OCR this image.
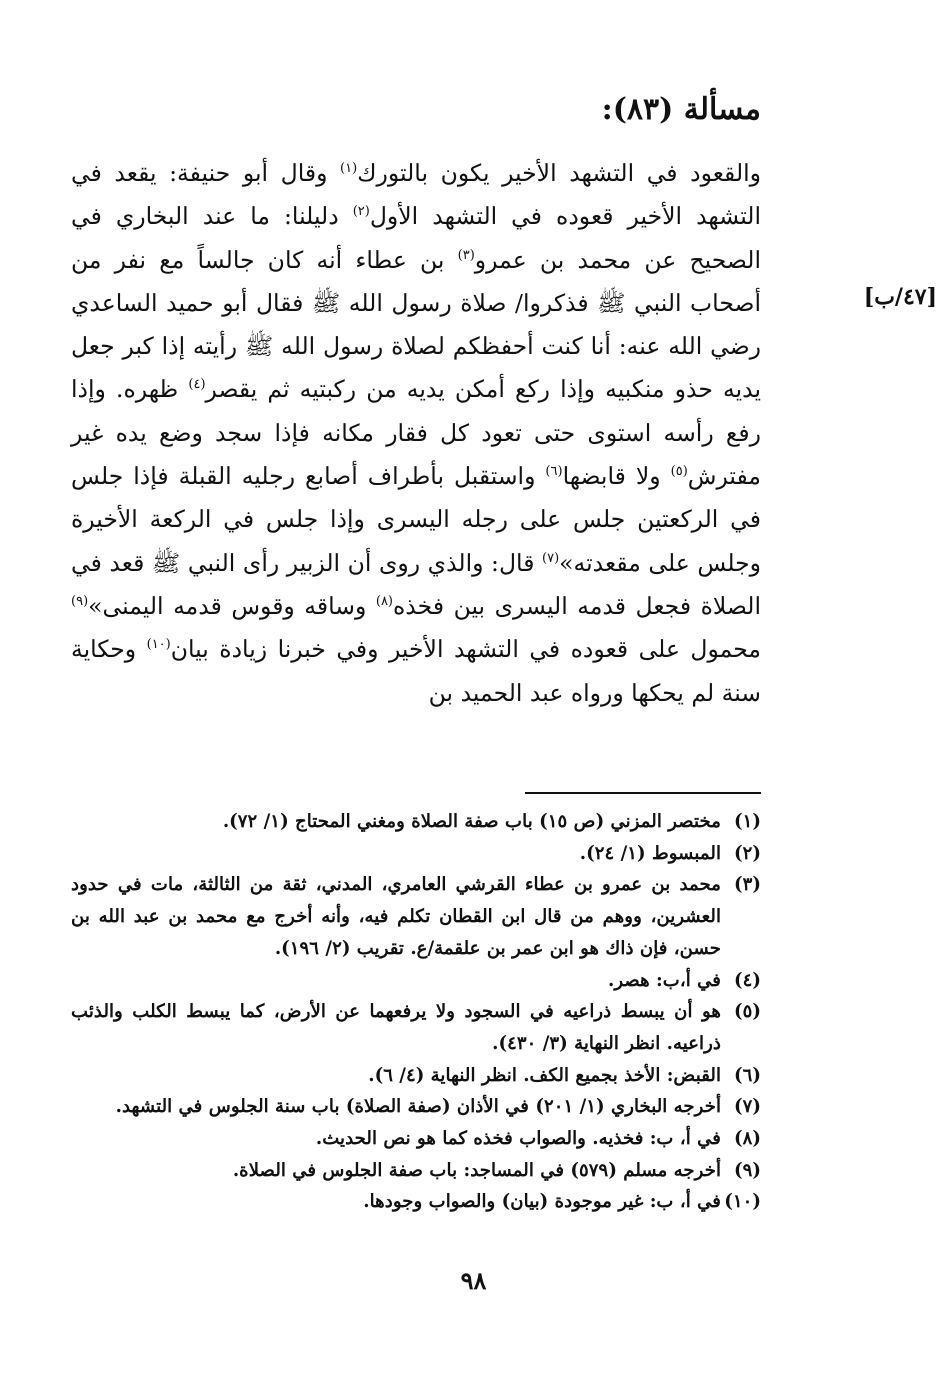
مسألة (٨٣):
[٤٧/ب]

والقعود في التشهد الأخير يكون بالتورك$^{(١)}$ وقال أبو حنيفة: يقعد في التشهد الأخير قعوده في التشهد الأول$^{(٢)}$ دليلنا: ما عند البخاري في الصحيح عن محمد بن عمرو$^{(٣)}$ بن عطاء أنه كان جالساً مع نفر من أصحاب النبي ﷺ فذكروا/ صلاة رسول الله ﷺ فقال أبو حميد الساعدي رضي الله عنه: أنا كنت أحفظكم لصلاة رسول الله ﷺ رأيته إذا كبر جعل يديه حذو منكبيه وإذا ركع أمكن يديه من ركبتيه ثم يقصر$^{(٤)}$ ظهره. وإذا رفع رأسه استوى حتى تعود كل فقار مكانه فإذا سجد وضع يده غير مفترش$^{(٥)}$ ولا قابضها$^{(٦)}$ واستقبل بأطراف أصابع رجليه القبلة فإذا جلس في الركعتين جلس على رجله اليسرى وإذا جلس في الركعة الأخيرة وجلس على مقعدته»$^{(٧)}$ قال: والذي روى أن الزبير رأى النبي ﷺ قعد في الصلاة فجعل قدمه اليسرى بين فخذه$^{(٨)}$ وساقه وقوس قدمه اليمنى»$^{(٩)}$ محمول على قعوده في التشهد الأخير وفي خبرنا زيادة بيان$^{(١٠)}$ وحكاية سنة لم يحكها ورواه عبد الحميد بن

(١)
مختصر المزني (ص ١٥) باب صفة الصلاة ومغني المحتاج (١/ ٧٢).
(٢)
المبسوط (١/ ٢٤).
(٣)
محمد بن عمرو بن عطاء القرشي العامري، المدني، ثقة من الثالثة، مات في حدود العشرين، ووهم من قال ابن القطان تكلم فيه، وأنه أخرج مع محمد بن عبد الله بن حسن، فإن ذاك هو ابن عمر بن علقمة/ع. تقريب (٢/ ١٩٦).
(٤)
في أ،ب: هصر.
(٥)
هو أن يبسط ذراعيه في السجود ولا يرفعهما عن الأرض، كما يبسط الكلب والذئب ذراعيه. انظر النهاية (٣/ ٤٣٠).
(٦)
القبض: الأخذ بجميع الكف. انظر النهاية (٤/ ٦).
(٧)
أخرجه البخاري (١/ ٢٠١) في الأذان (صفة الصلاة) باب سنة الجلوس في التشهد.
(٨)
في أ، ب: فخذيه. والصواب فخذه كما هو نص الحديث.
(٩)
أخرجه مسلم (٥٧٩) في المساجد: باب صفة الجلوس في الصلاة.
(١٠)
في أ، ب: غير موجودة (بيان) والصواب وجودها.
٩٨
